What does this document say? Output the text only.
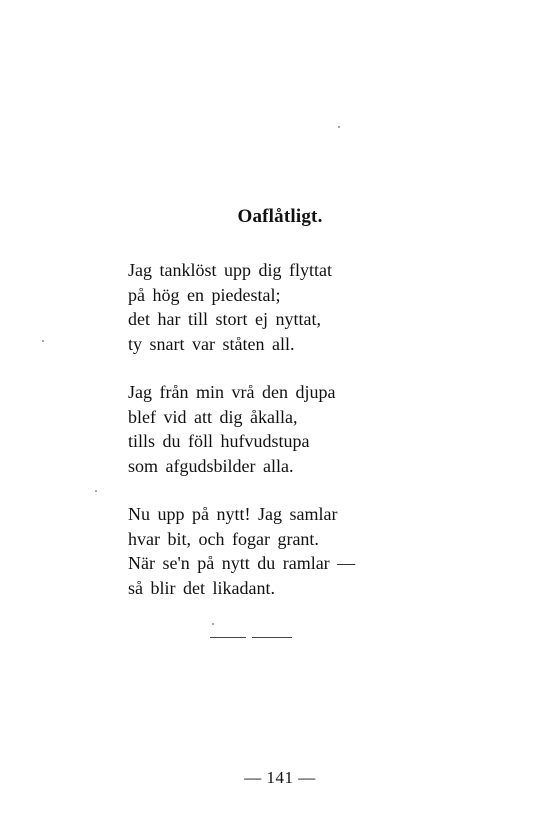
Oaflåtligt.
Jag tanklöst upp dig flyttat
på hög en piedestal;
det har till stort ej nyttat,
ty snart var ståten all.
Jag från min vrå den djupa
blef vid att dig åkalla,
tills du föll hufvudstupa
som afgudsbilder alla.
Nu upp på nytt! Jag samlar
hvar bit, och fogar grant.
När se'n på nytt du ramlar —
så blir det likadant.
— 141 —
